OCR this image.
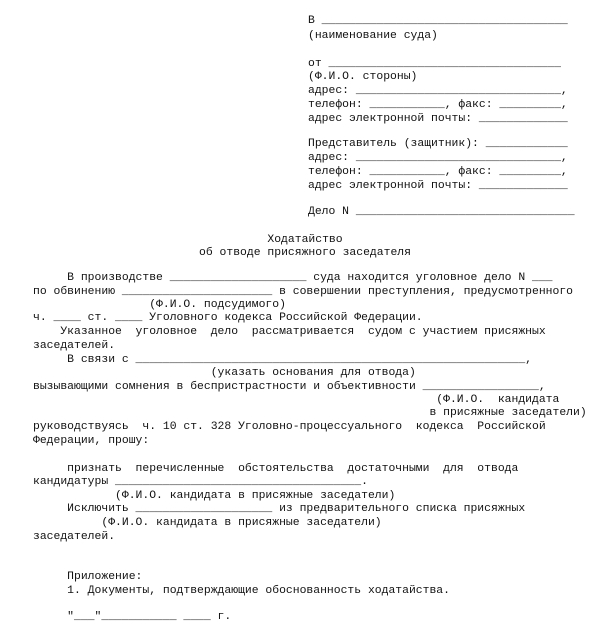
В ____________________________________
(наименование суда)
от __________________________________
(Ф.И.О. стороны)
адрес: ______________________________,
телефон: ___________, факс: _________,
адрес электронной почты: _____________
Представитель (защитник): ____________
адрес: ______________________________,
телефон: ___________, факс: _________,
адрес электронной почты: _____________
Дело N ________________________________
Ходатайство
об отводе присяжного заседателя
В производстве ____________________ суда находится уголовное дело N ___
по обвинению ______________________ в совершении преступления, предусмотренного
(Ф.И.О. подсудимого)
ч. ____ ст. ____ Уголовного кодекса Российской Федерации.
Указанное  уголовное  дело  рассматривается  судом с участием присяжных
заседателей.
В связи с _________________________________________________________,
(указать основания для отвода)
вызывающими сомнения в беспристрастности и объективности _________________,
(Ф.И.О.  кандидата
в присяжные заседатели)
руководствуясь  ч. 10 ст. 328 Уголовно-процессуального  кодекса  Российской
Федерации, прошу:
признать  перечисленные  обстоятельства  достаточными  для  отвода
кандидатуры ____________________________________.
(Ф.И.О. кандидата в присяжные заседатели)
Исключить ____________________ из предварительного списка присяжных
(Ф.И.О. кандидата в присяжные заседатели)
заседателей.
Приложение:
1. Документы, подтверждающие обоснованность ходатайства.
"___"___________ ____ г.
